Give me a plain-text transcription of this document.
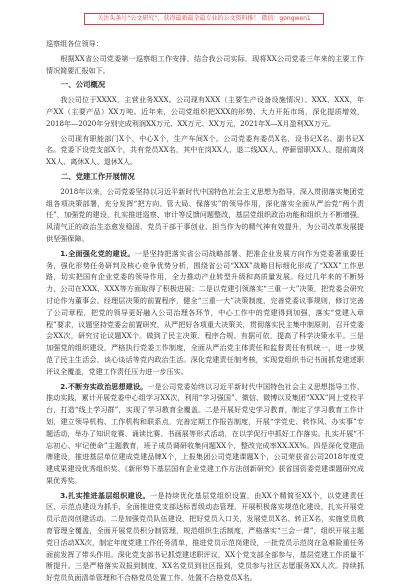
关注头条号“公文研究”，获得最新最全最专业的公文资料推！ 微信：gongwen1

巡察组各位领导：

根据XX省公司党委第一巡察组工作安排，结合我公司实际，现将XX公司党委三年来的主要工作情况简要汇报如下。

一、公司概况

我公司位于XXXX，主营业务XXX。公司现有XXX（主要生产设备设施情况）、XXX、XXX，年产XX（主要产品）XX万吨。近年来，公司党组织把XXX的形势、大力开拓市场，深化提质增效，2018年—2020年分别完成利润XX万元、XX万元、XX万元，2021年X—X月盈利XX万元。

公司现有职能部门X个，中心X个，生产车间X个。公司党委有委员X名，设书记X名、副书记X名。党委下设党支部X个，共有党员XX名，其中在岗XX人、退二线XX人、停薪留职XX人、提前离岗XX人、离休X人、退休X人。

二、党建工作开展情况

2018年以来，公司党委坚持以习近平新时代中国特色社会主义思想为指导，深入贯彻落实集团党组各项决策部署，充分发挥“把方向、管大局、保落实”的领导作用，深化落实全面从严治党“两个责任”，加强党的建设，扎实推进巡察、审计等反馈问题整改，基层党组织政治功能和组织力不断增强，风清气正的政治生态愈发稳固，党员干部干事创业、担当作为的精气神有效提升，为公司改革发展提供坚强保障。

1.全面强化党的建设。一是坚持把落实省公司战略部署、把准企业发展方向作为党委著重要任务，强化形势任务研判及核心竞争优势分析，围绕省公司“XXX”战略目标细化形成了“XXX”工作思路，切实把国有企业党委的领导作用，全力推动产业转型升级和高质量发展。经过几年来的不断努力，公司在XXX、XXX等方面取得了积极进展；二是以党建引领落实“三重一大”决策，把党委会研究讨论作为董事会、经理层决策的前置程序，健全“三重一大”决策制度，完善党委议事规则，修订完善了公司章程，把党的领导更好融入公司治理各环节，中心工作中的党建得到加强，落实“党建入章程”要求，议题坚持党委会前置研究，从严把好各项重大决策关，贯彻落实民主集中制原则，召开党委会XX次，研究讨论议题XX个。做到了民主决策、程序合规、有据可依，提高了科学决策水平。三是加强党的组织建设，严格执行党委工作制度，全面从严治党主体责任和监督责任有机统一，进一步规范了民主生活会、谈心谈话等党内政治生活。深化党建责任制考核，实现党组织书记书面抓党建述职评议全覆盖，党建工作责任压力进一步压实。

2.不断夯实政治思想建设。一是公司党委始终以习近平新时代中国特色社会主义思想指导工作、推动实践，累计开展党委中心组学习XX次，利用“学习强国”、微信、微博以及集团“XXX”网上党校平台，打造“线上学习群”，实现了学习教育全覆盖。二是开展好党史学习教育，制定了学习教育工作计划，建立领导机构、工作机构和联系点，完善定期工作报告制度，开展“学党史、转作风、办实事”专题活动，举办了知识竞赛、诵读比赛、书画展等形式活动，在以学促行中抓好工作落实。扎实开展“不忘初心、牢记使命”主题教育，班子成员调研收集问题XX个，整改完成率XX.XX%。四是深化党建品牌建设，推进基层单位建成党建品牌X个，上报集团公司党建课题X个，公司荣获省公司2018年度党建成果建设优秀组织奖、《新形势下基层国有企业党建工作方法创新研究》获省国资委党建课题研究成果优秀奖。

3.扎实推进基层组织建设。一是持续优化基层党组织设置，由XX个精简至XX个，以党建责任区、示范点建设为抓手，全面推进党支部达标晋级动态管理，开展积极落实规范化建设，扎实开展党员示范岗创建活动。二是加强党员队伍建设，把好党员入口关，发展党员X名、转正X名，实施党员教育管理全覆盖，全面开展党员积分制管理，规范组织生活制度，严格落实“三会一课”，组织开展主题党日活动XX次，制定年度党建工作任务清单，推进党员示范岗建设，一批党员示范岗在急难险重任务面前发挥了带头作用。深化党支部书记抓党建述职评议，XX个党支部全部参与，基层党建工作质量不断提升。三是严格落实双报到制度，XX名党员到社区报到，党员参与社区志愿服务XX人次。持续抓好党员负面清单管理和不合格党员处置工作，处置不合格党员X名。
